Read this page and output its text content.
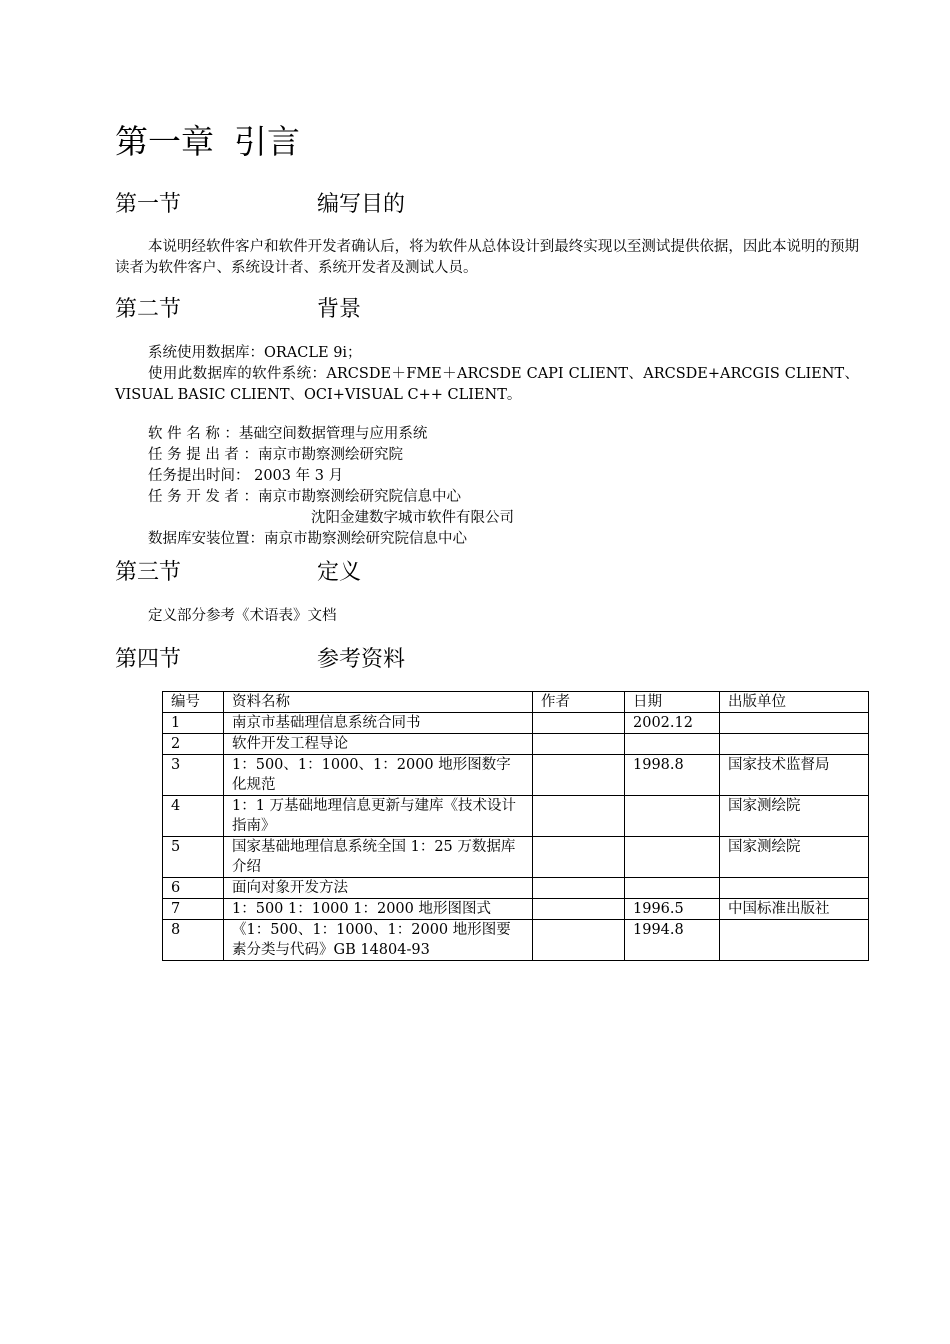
第一章 引言
第一节	编写目的
本说明经软件客户和软件开发者确认后，将为软件从总体设计到最终实现以至测试提供依据，因此本说明的预期读者为软件客户、系统设计者、系统开发者及测试人员。
第二节	背景
系统使用数据库：ORACLE 9i；
使用此数据库的软件系统：ARCSDE＋FME＋ARCSDE CAPI CLIENT、ARCSDE+ARCGIS CLIENT、VISUAL BASIC CLIENT、OCI+VISUAL C++ CLIENT。
软 件 名 称 ：基础空间数据管理与应用系统
任 务 提 出 者 ：南京市勘察测绘研究院
任务提出时间： 2003 年 3 月
任 务 开 发 者 ：南京市勘察测绘研究院信息中心
沈阳金建数字城市软件有限公司
数据库安装位置：南京市勘察测绘研究院信息中心
第三节	定义
定义部分参考《术语表》文档
第四节	参考资料
编号	资料名称	作者	日期	出版单位
1	南京市基础理信息系统合同书		2002.12	
2	软件开发工程导论			
3	1：500、1：1000、1：2000 地形图数字化规范		1998.8	国家技术监督局
4	1：1 万基础地理信息更新与建库《技术设计指南》			国家测绘院
5	国家基础地理信息系统全国 1：25 万数据库介绍			国家测绘院
6	面向对象开发方法			
7	1：500 1：1000 1：2000 地形图图式		1996.5	中国标准出版社
8	《1：500、1：1000、1：2000 地形图要素分类与代码》GB 14804-93		1994.8	
